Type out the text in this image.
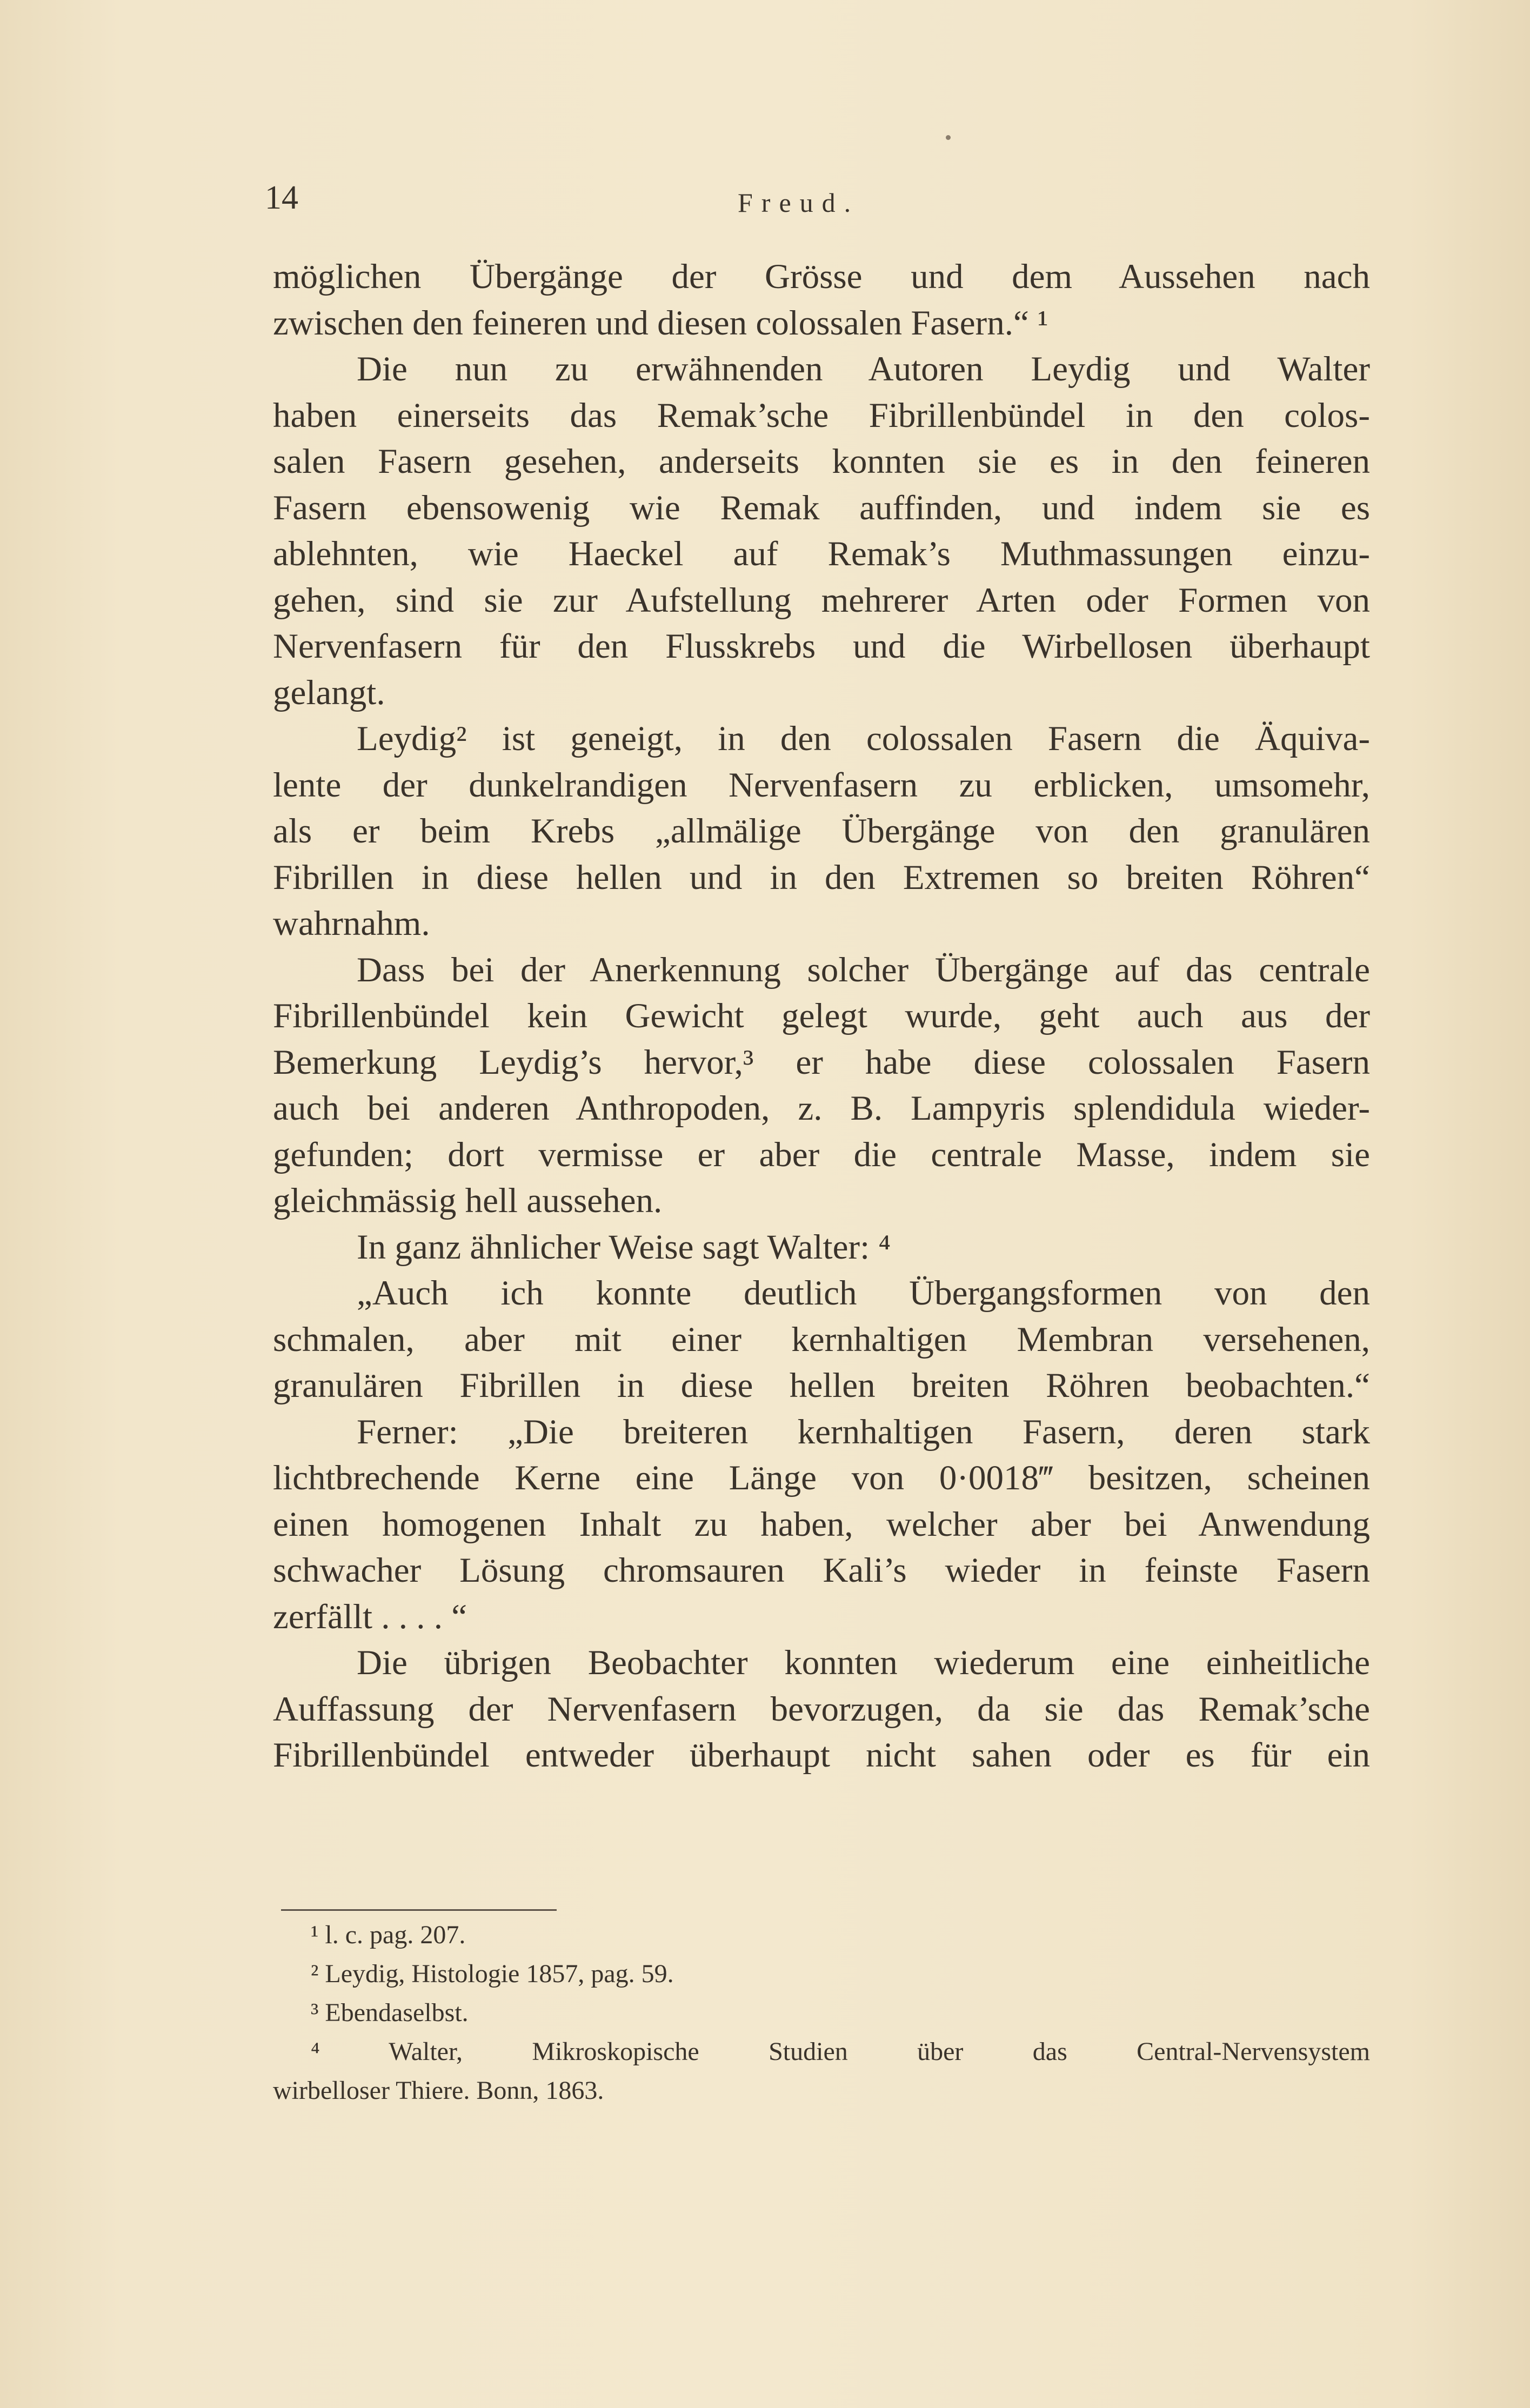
14	Freud.
möglichen Übergänge der Grösse und dem Aussehen nach
zwischen den feineren und diesen colossalen Fasern.“ ¹
Die nun zu erwähnenden Autoren Leydig und Walter
haben einerseits das Remak’sche Fibrillenbündel in den colos-
salen Fasern gesehen, anderseits konnten sie es in den feineren
Fasern ebensowenig wie Remak auffinden, und indem sie es
ablehnten, wie Haeckel auf Remak’s Muthmassungen einzu-
gehen, sind sie zur Aufstellung mehrerer Arten oder Formen von
Nervenfasern für den Flusskrebs und die Wirbellosen überhaupt
gelangt.
Leydig² ist geneigt, in den colossalen Fasern die Äquiva-
lente der dunkelrandigen Nervenfasern zu erblicken, umsomehr,
als er beim Krebs „allmälige Übergänge von den granulären
Fibrillen in diese hellen und in den Extremen so breiten Röhren“
wahrnahm.
Dass bei der Anerkennung solcher Übergänge auf das centrale
Fibrillenbündel kein Gewicht gelegt wurde, geht auch aus der
Bemerkung Leydig’s hervor,³ er habe diese colossalen Fasern
auch bei anderen Anthropoden, z. B. Lampyris splendidula wieder-
gefunden; dort vermisse er aber die centrale Masse, indem sie
gleichmässig hell aussehen.
In ganz ähnlicher Weise sagt Walter: ⁴
„Auch ich konnte deutlich Übergangsformen von den
schmalen, aber mit einer kernhaltigen Membran versehenen,
granulären Fibrillen in diese hellen breiten Röhren beobachten.“
Ferner: „Die breiteren kernhaltigen Fasern, deren stark
lichtbrechende Kerne eine Länge von 0·0018‴ besitzen, scheinen
einen homogenen Inhalt zu haben, welcher aber bei Anwendung
schwacher Lösung chromsauren Kali’s wieder in feinste Fasern
zerfällt . . . . “
Die übrigen Beobachter konnten wiederum eine einheitliche
Auffassung der Nervenfasern bevorzugen, da sie das Remak’sche
Fibrillenbündel entweder überhaupt nicht sahen oder es für ein
¹ l. c. pag. 207.
² Leydig, Histologie 1857, pag. 59.
³ Ebendaselbst.
⁴ Walter, Mikroskopische Studien über das Central-Nervensystem
wirbelloser Thiere. Bonn, 1863.
